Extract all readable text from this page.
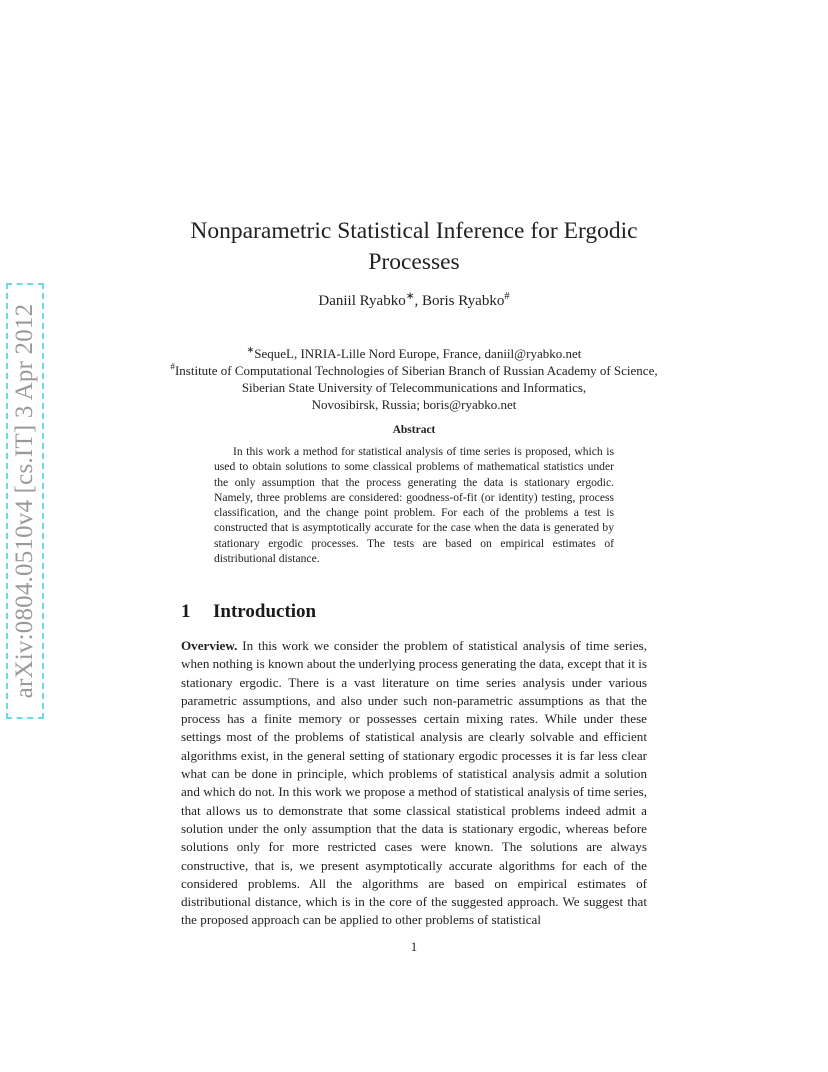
arXiv:0804.0510v4 [cs.IT] 3 Apr 2012
Nonparametric Statistical Inference for Ergodic
Processes
Daniil Ryabko∗, Boris Ryabko#
∗SequeL, INRIA-Lille Nord Europe, France, daniil@ryabko.net
#Institute of Computational Technologies of Siberian Branch of Russian Academy of Science,
Siberian State University of Telecommunications and Informatics,
Novosibirsk, Russia; boris@ryabko.net
Abstract
In this work a method for statistical analysis of time series is proposed, which is used to obtain solutions to some classical problems of mathematical statistics under the only assumption that the process generating the data is stationary ergodic. Namely, three problems are considered: goodness-of-fit (or identity) testing, process classification, and the change point problem. For each of the problems a test is constructed that is asymptotically accurate for the case when the data is generated by stationary ergodic processes. The tests are based on empirical estimates of distributional distance.
1 Introduction
Overview. In this work we consider the problem of statistical analysis of time series, when nothing is known about the underlying process generating the data, except that it is stationary ergodic. There is a vast literature on time series analysis under various parametric assumptions, and also under such non-parametric assumptions as that the process has a finite memory or possesses certain mixing rates. While under these settings most of the problems of statistical analysis are clearly solvable and efficient algorithms exist, in the general setting of stationary ergodic processes it is far less clear what can be done in principle, which problems of statistical analysis admit a solution and which do not. In this work we propose a method of statistical analysis of time series, that allows us to demonstrate that some classical statistical problems indeed admit a solution under the only assumption that the data is stationary ergodic, whereas before solutions only for more restricted cases were known. The solutions are always constructive, that is, we present asymptotically accurate algorithms for each of the considered problems. All the algorithms are based on empirical estimates of distributional distance, which is in the core of the suggested approach. We suggest that the proposed approach can be applied to other problems of statistical
1
